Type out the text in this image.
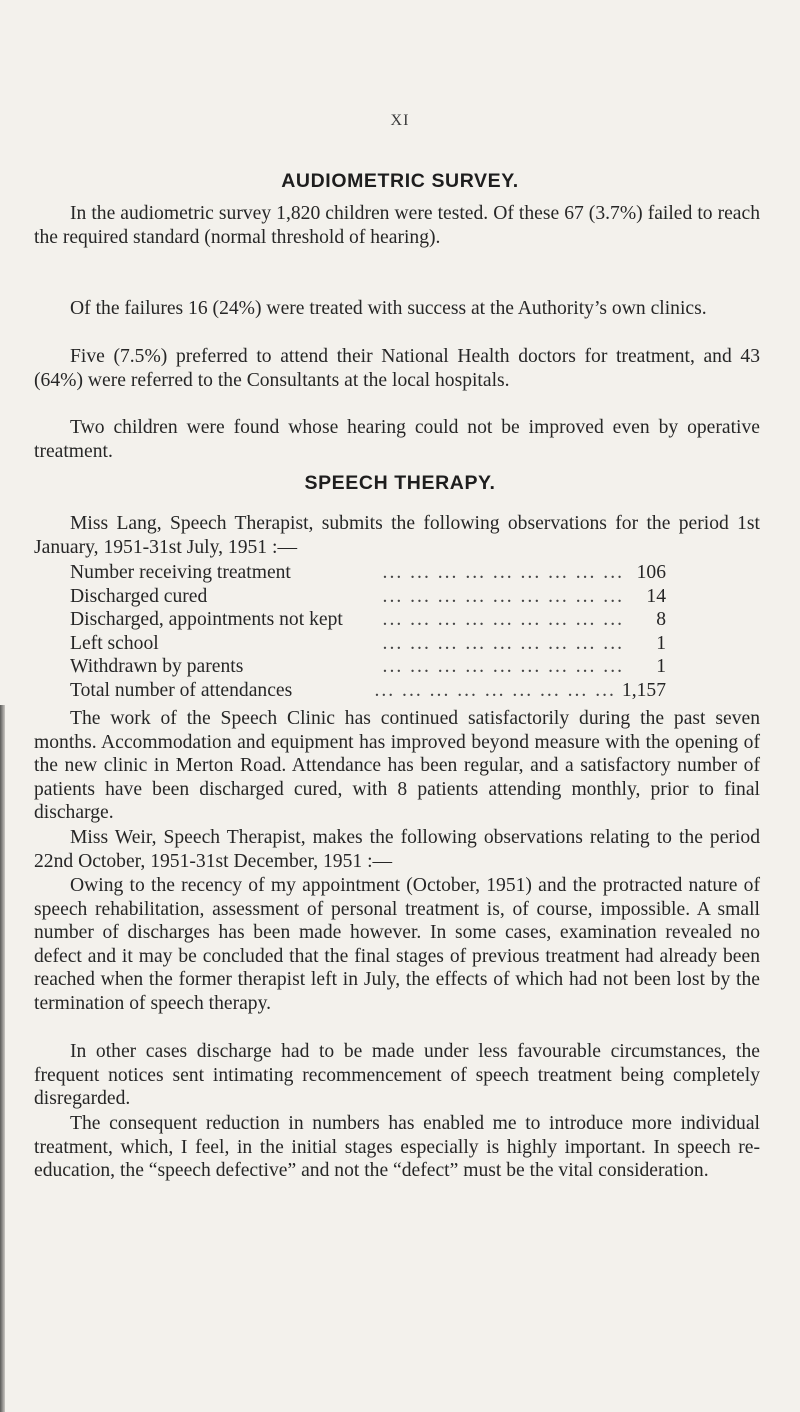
XI
AUDIOMETRIC SURVEY.

In the audiometric survey 1,820 children were tested. Of these 67 (3.7%) failed to reach the required standard (normal threshold of hearing).

Of the failures 16 (24%) were treated with success at the Authority’s own clinics.

Five (7.5%) preferred to attend their National Health doctors for treatment, and 43 (64%) were referred to the Consultants at the local hospitals.

Two children were found whose hearing could not be improved even by operative treatment.

SPEECH THERAPY.

Miss Lang, Speech Therapist, submits the following observations for the period 1st January, 1951-31st July, 1951 :—

Number receiving treatment	... ... ... ... ... ... ... ... ... 106
Discharged cured	... ... ... ... ... ... ... ... ...	14
Discharged, appointments not kept	... ... ... ... ... ... ... ... ...	8
Left school	... ... ... ... ... ... ... ... ...	1
Withdrawn by parents	... ... ... ... ... ... ... ... ...	1
Total number of attendances	... ... ... ... ... ... ... ... ... 1,157

The work of the Speech Clinic has continued satisfactorily during the past seven months. Accommodation and equipment has improved beyond measure with the opening of the new clinic in Merton Road. Attendance has been regular, and a satisfactory number of patients have been discharged cured, with 8 patients attending monthly, prior to final discharge.

Miss Weir, Speech Therapist, makes the following observations relating to the period 22nd October, 1951-31st December, 1951 :—

Owing to the recency of my appointment (October, 1951) and the protracted nature of speech rehabilitation, assessment of personal treatment is, of course, impossible. A small number of discharges has been made however. In some cases, examination revealed no defect and it may be concluded that the final stages of previous treatment had already been reached when the former therapist left in July, the effects of which had not been lost by the termination of speech therapy.

In other cases discharge had to be made under less favourable circumstances, the frequent notices sent intimating recommencement of speech treatment being completely disregarded.

The consequent reduction in numbers has enabled me to introduce more individual treatment, which, I feel, in the initial stages especially is highly important. In speech re-education, the “speech defective” and not the “defect” must be the vital consideration.
